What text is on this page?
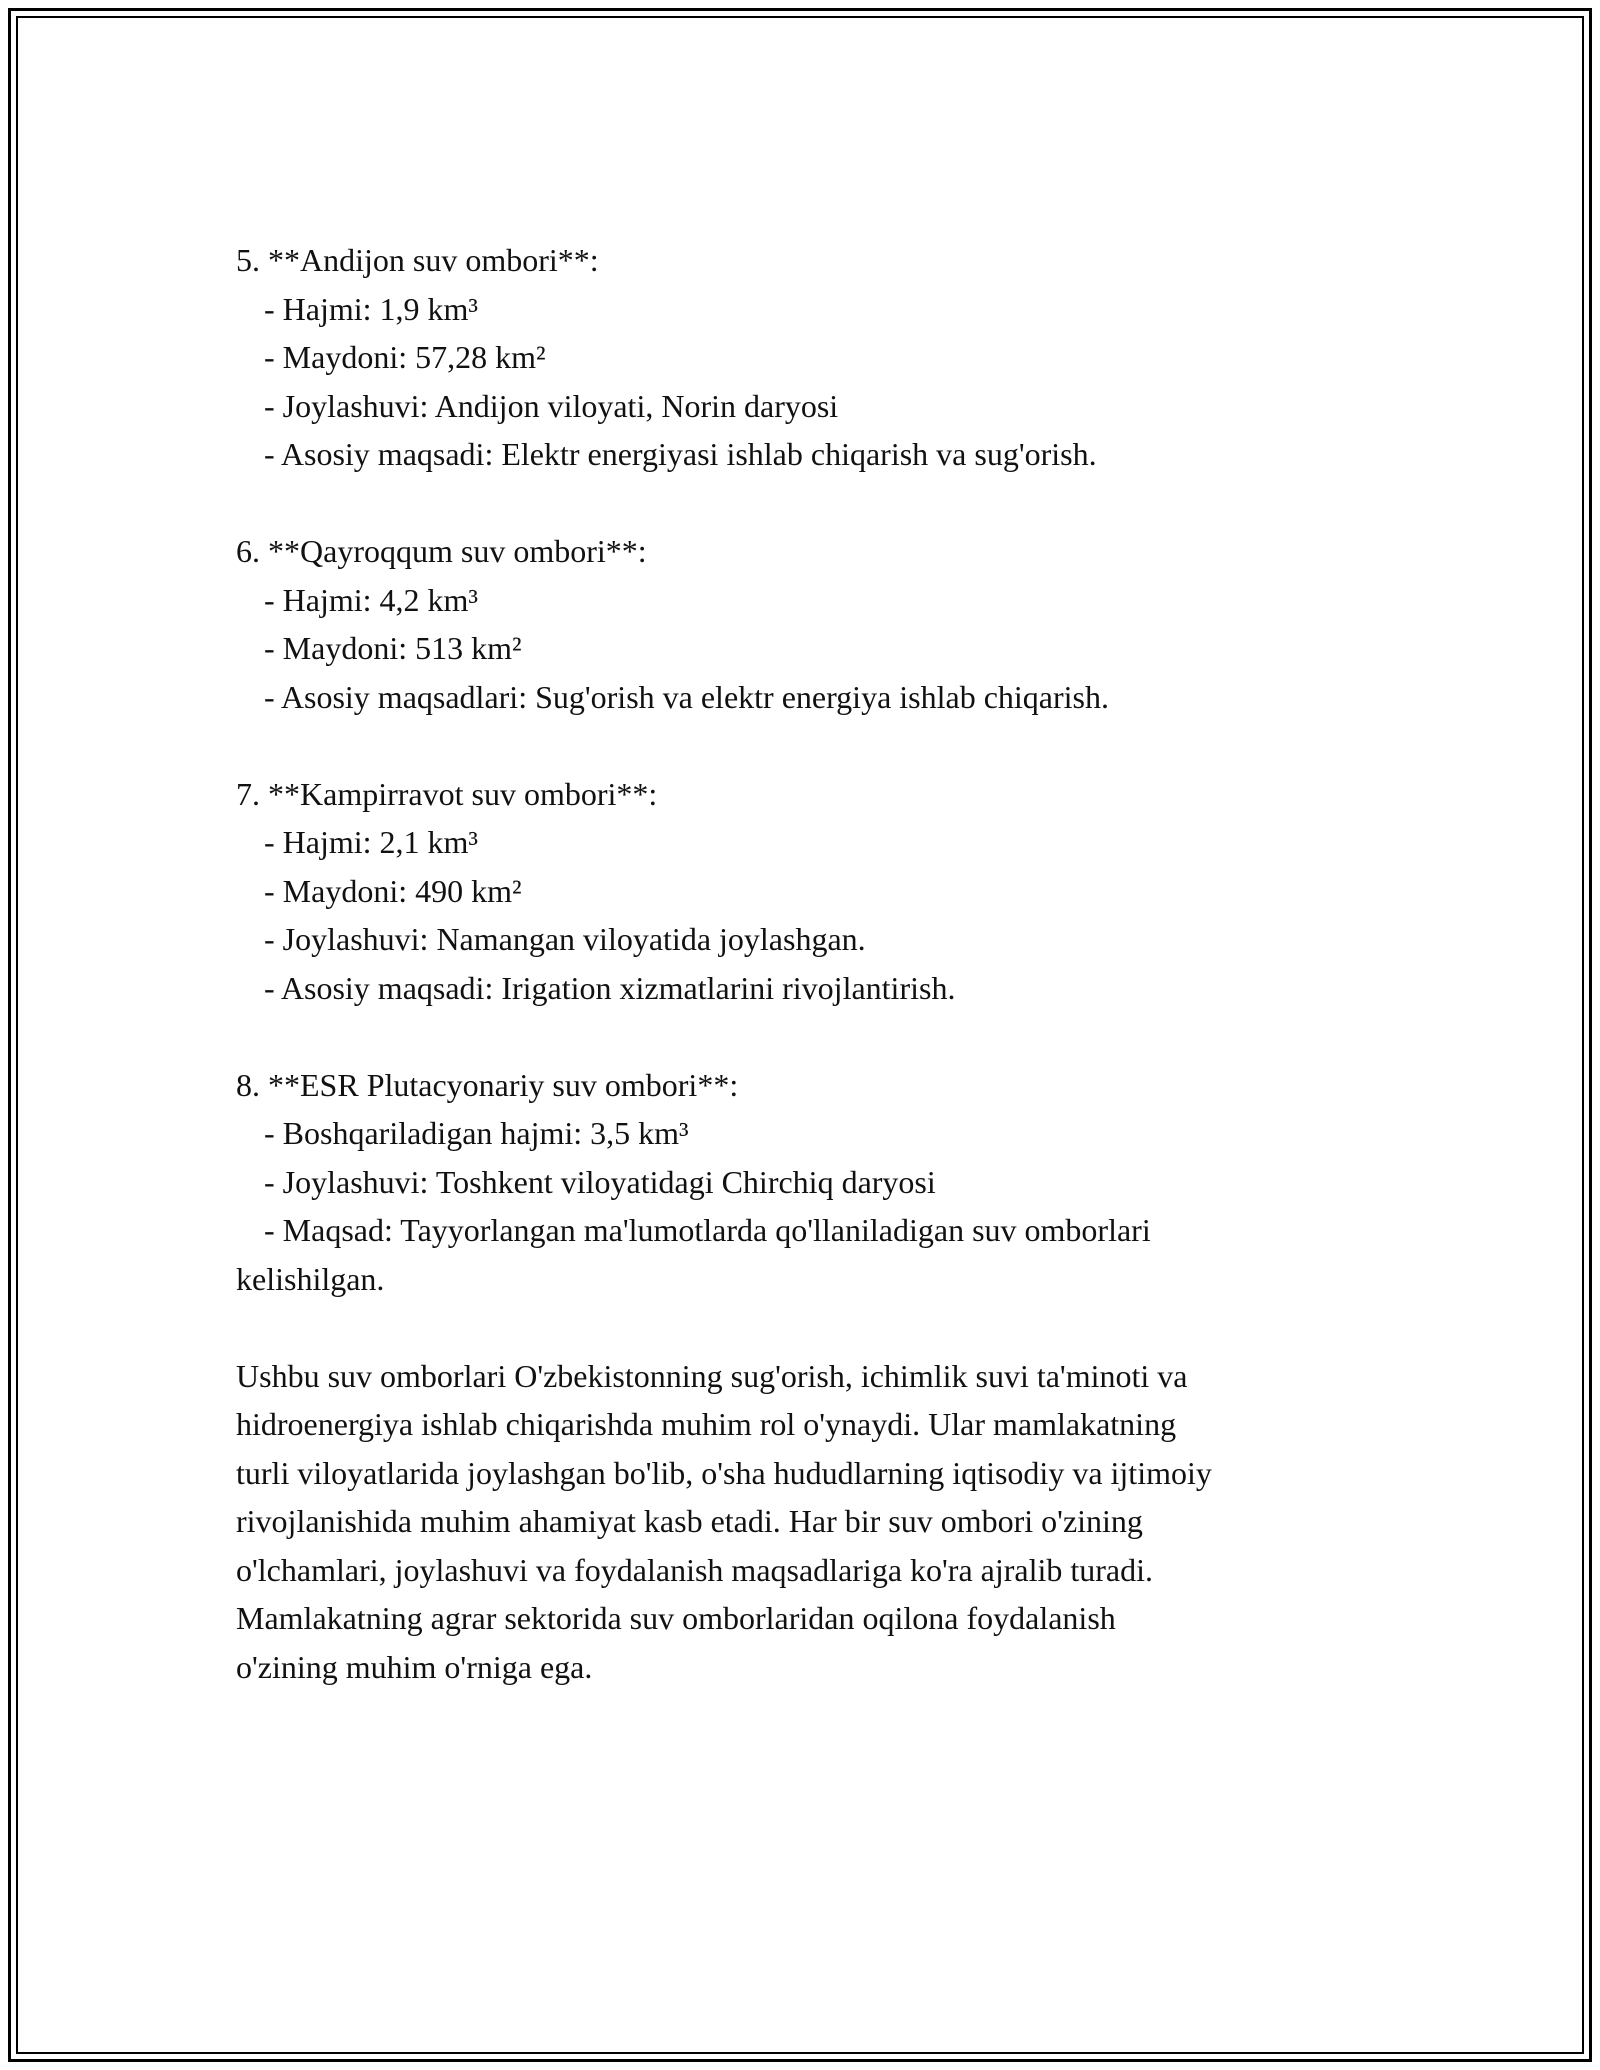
5. **Andijon suv ombori**:
- Hajmi: 1,9 km³
- Maydoni: 57,28 km²
- Joylashuvi: Andijon viloyati, Norin daryosi
- Asosiy maqsadi: Elektr energiyasi ishlab chiqarish va sug'orish.
6. **Qayroqqum suv ombori**:
- Hajmi: 4,2 km³
- Maydoni: 513 km²
- Asosiy maqsadlari: Sug'orish va elektr energiya ishlab chiqarish.
7. **Kampirravot suv ombori**:
- Hajmi: 2,1 km³
- Maydoni: 490 km²
- Joylashuvi: Namangan viloyatida joylashgan.
- Asosiy maqsadi: Irigation xizmatlarini rivojlantirish.
8. **ESR Plutacyonariy suv ombori**:
- Boshqariladigan hajmi: 3,5 km³
- Joylashuvi: Toshkent viloyatidagi Chirchiq daryosi
- Maqsad: Tayyorlangan ma'lumotlarda qo'llaniladigan suv omborlari
kelishilgan.
Ushbu suv omborlari O'zbekistonning sug'orish, ichimlik suvi ta'minoti va
hidroenergiya ishlab chiqarishda muhim rol o'ynaydi. Ular mamlakatning
turli viloyatlarida joylashgan bo'lib, o'sha hududlarning iqtisodiy va ijtimoiy
rivojlanishida muhim ahamiyat kasb etadi. Har bir suv ombori o'zining
o'lchamlari, joylashuvi va foydalanish maqsadlariga ko'ra ajralib turadi.
Mamlakatning agrar sektorida suv omborlaridan oqilona foydalanish
o'zining muhim o'rniga ega.
